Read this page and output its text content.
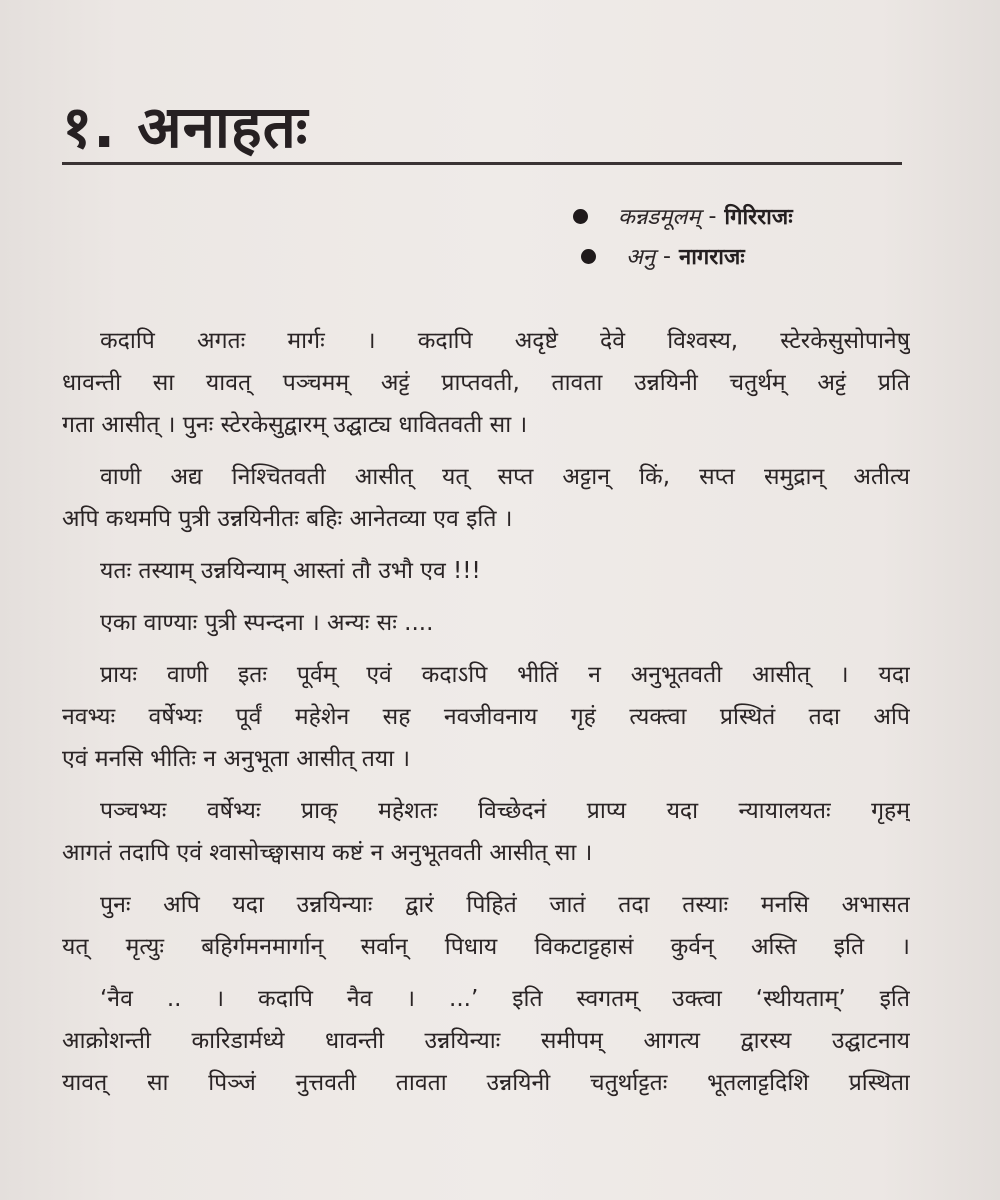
१. अनाहतः
कन्नडमूलम् - गिरिराजः
अनु - नागराजः
कदापि अगतः मार्गः । कदापि अदृष्टे देवे विश्वस्य, स्टेरकेसुसोपानेषु
धावन्ती सा यावत् पञ्चमम् अट्टं प्राप्तवती, तावता उन्नयिनी चतुर्थम् अट्टं प्रति
गता आसीत् । पुनः स्टेरकेसुद्वारम् उद्घाट्य धावितवती सा ।
वाणी अद्य निश्चितवती आसीत् यत् सप्त अट्टान् किं, सप्त समुद्रान् अतीत्य
अपि कथमपि पुत्री उन्नयिनीतः बहिः आनेतव्या एव इति ।
यतः तस्याम् उन्नयिन्याम् आस्तां तौ उभौ एव !!!
एका वाण्याः पुत्री स्पन्दना । अन्यः सः ....
प्रायः वाणी इतः पूर्वम् एवं कदाऽपि भीतिं न अनुभूतवती आसीत् । यदा
नवभ्यः वर्षेभ्यः पूर्वं महेशेन सह नवजीवनाय गृहं त्यक्त्वा प्रस्थितं तदा अपि
एवं मनसि भीतिः न अनुभूता आसीत् तया ।
पञ्चभ्यः वर्षेभ्यः प्राक् महेशतः विच्छेदनं प्राप्य यदा न्यायालयतः गृहम्
आगतं तदापि एवं श्वासोच्छ्वासाय कष्टं न अनुभूतवती आसीत् सा ।
पुनः अपि यदा उन्नयिन्याः द्वारं पिहितं जातं तदा तस्याः मनसि अभासत
यत् मृत्युः बहिर्गमनमार्गान् सर्वान् पिधाय विकटाट्टहासं कुर्वन् अस्ति इति ।
‘नैव .. । कदापि नैव । ...’ इति स्वगतम् उक्त्वा ‘स्थीयताम्’ इति
आक्रोशन्ती कारिडार्मध्ये धावन्ती उन्नयिन्याः समीपम् आगत्य द्वारस्य उद्घाटनाय
यावत् सा पिञ्जं नुत्तवती तावता उन्नयिनी चतुर्थाट्टतः भूतलाट्टदिशि प्रस्थिता
